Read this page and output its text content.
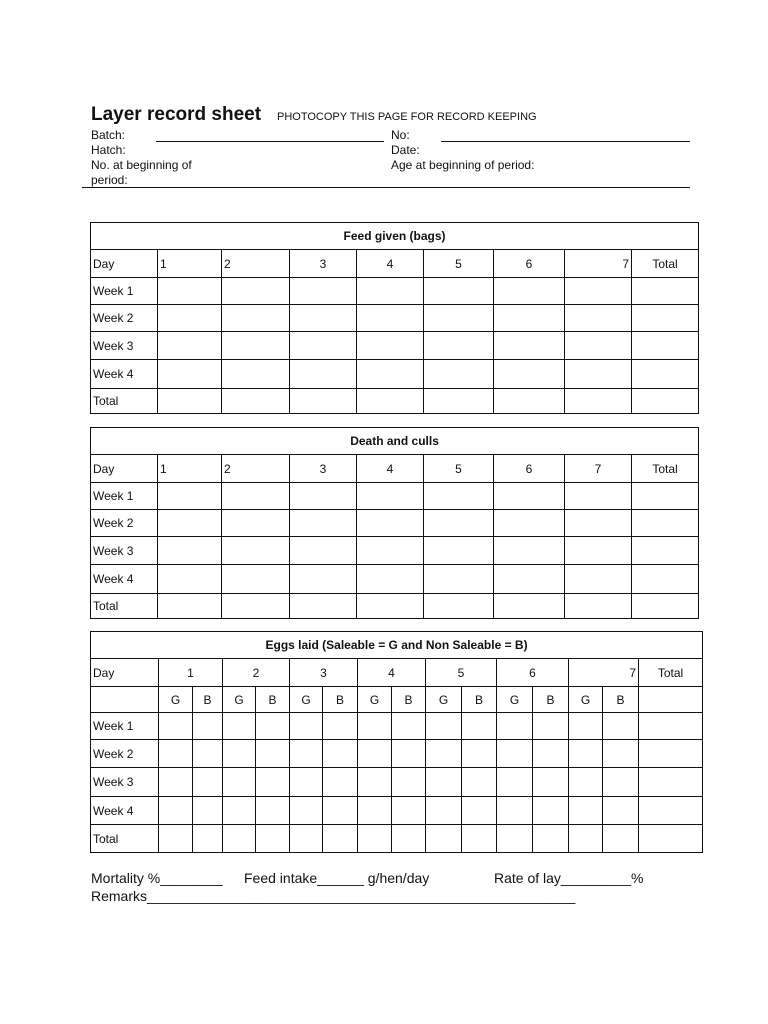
Layer record sheet PHOTOCOPY THIS PAGE FOR RECORD KEEPING
Batch:
Hatch:
No. at beginning of
period:
No:
Date:
Age at beginning of period:
Feed given (bags)								
Day	1	2	3	4	5	6	7	Total
Week 1								
Week 2								
Week 3								
Week 4								
Total								
Death and culls								
Day	1	2	3	4	5	6	7	Total
Week 1								
Week 2								
Week 3								
Week 4								
Total								
Eggs laid (Saleable = G and Non Saleable = B)															
Day	1		2		3		4		5		6		7		Total
	G	B	G	B	G	B	G	B	G	B	G	B	G	B	
Week 1															
Week 2															
Week 3															
Week 4															
Total															
Mortality %________ Feed intake______ g/hen/day	Rate of lay_________%
Remarks_______________________________________________________
